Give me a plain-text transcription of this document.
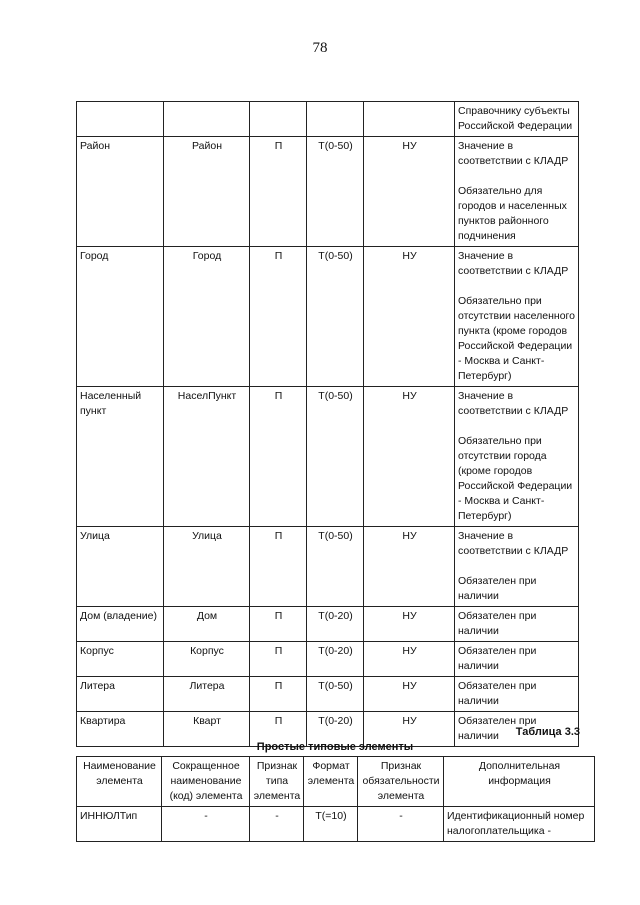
78

					Справочнику субъекты Российской Федерации

Район	Район	П	Т(0-50)	НУ	Значение в соответствии с КЛАДР

Обязательно для городов и населенных пунктов районного подчинения

Город	Город	П	Т(0-50)	НУ	Значение в соответствии с КЛАДР

Обязательно при отсутствии населенного пункта (кроме городов Российской Федерации - Москва и Санкт-Петербург)

Населенный пункт	НаселПункт	П	Т(0-50)	НУ	Значение в соответствии с КЛАДР

Обязательно при отсутствии города (кроме городов Российской Федерации - Москва и Санкт-Петербург)

Улица	Улица	П	Т(0-50)	НУ	Значение в соответствии с КЛАДР

Обязателен при наличии

Дом (владение)	Дом	П	Т(0-20)	НУ	Обязателен при наличии

Корпус	Корпус	П	Т(0-20)	НУ	Обязателен при наличии

Литера	Литера	П	Т(0-50)	НУ	Обязателен при наличии

Квартира	Кварт	П	Т(0-20)	НУ	Обязателен при наличии	Таблица 3.3
Простые типовые элементы
Наименование элемента	Сокращенное наименование (код) элемента	Признак типа элемента	Формат элемента	Признак обязательности элемента	Дополнительная информация
ИННЮЛТип	-	-	Т(=10)	-	Идентификационный номер налогоплательщика -
